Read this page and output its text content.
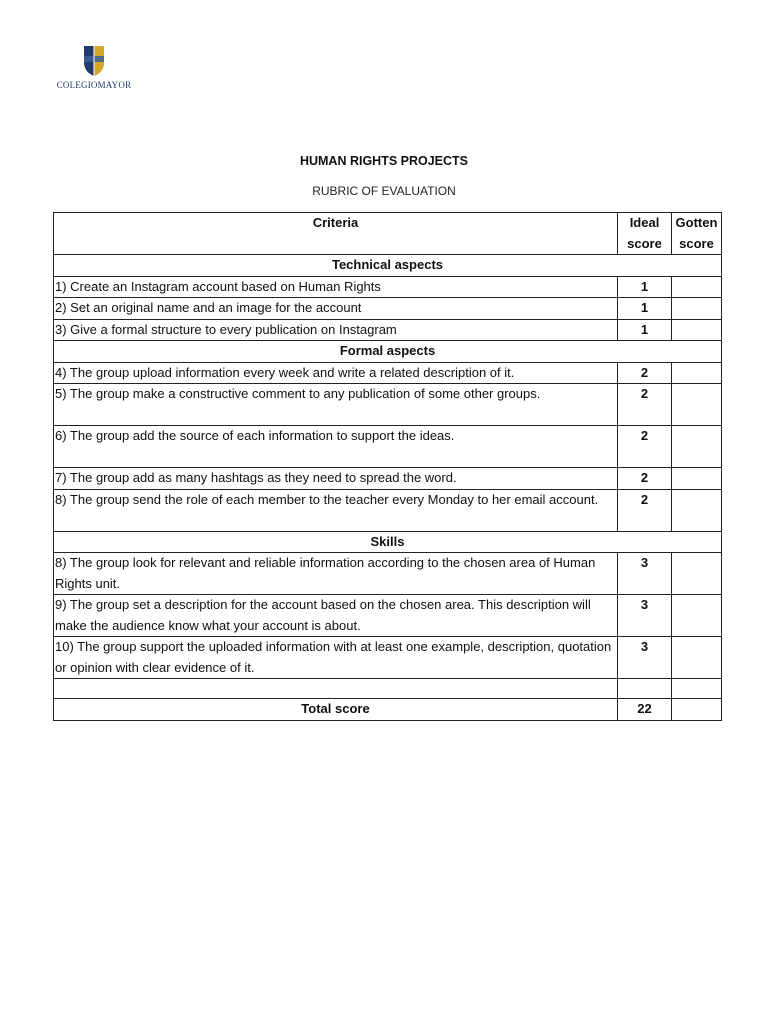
COLEGIOMAYOR
HUMAN RIGHTS PROJECTS
RUBRIC OF EVALUATION
Criteria	Ideal score	Gotten score
Technical aspects		
1) Create an Instagram account based on Human Rights	1	
2) Set an original name and an image for the account	1	
3) Give a formal structure to every publication on Instagram	1	
Formal aspects		
4) The group upload information every week and write a related description of it.	2	
5) The group make a constructive comment to any publication of some other groups.	2	
6) The group add the source of each information to support the ideas.	2	
7) The group add as many hashtags as they need to spread the word.	2	
8) The group send the role of each member to the teacher every Monday to her email account.	2	
Skills		
8) The group look for relevant and reliable information according to the chosen area of Human Rights unit.	3	
9) The group set a description for the account based on the chosen area. This description will make the audience know what your account is about.	3	
10) The group support the uploaded information with at least one example, description, quotation or opinion with clear evidence of it.	3	

Total score	22	
